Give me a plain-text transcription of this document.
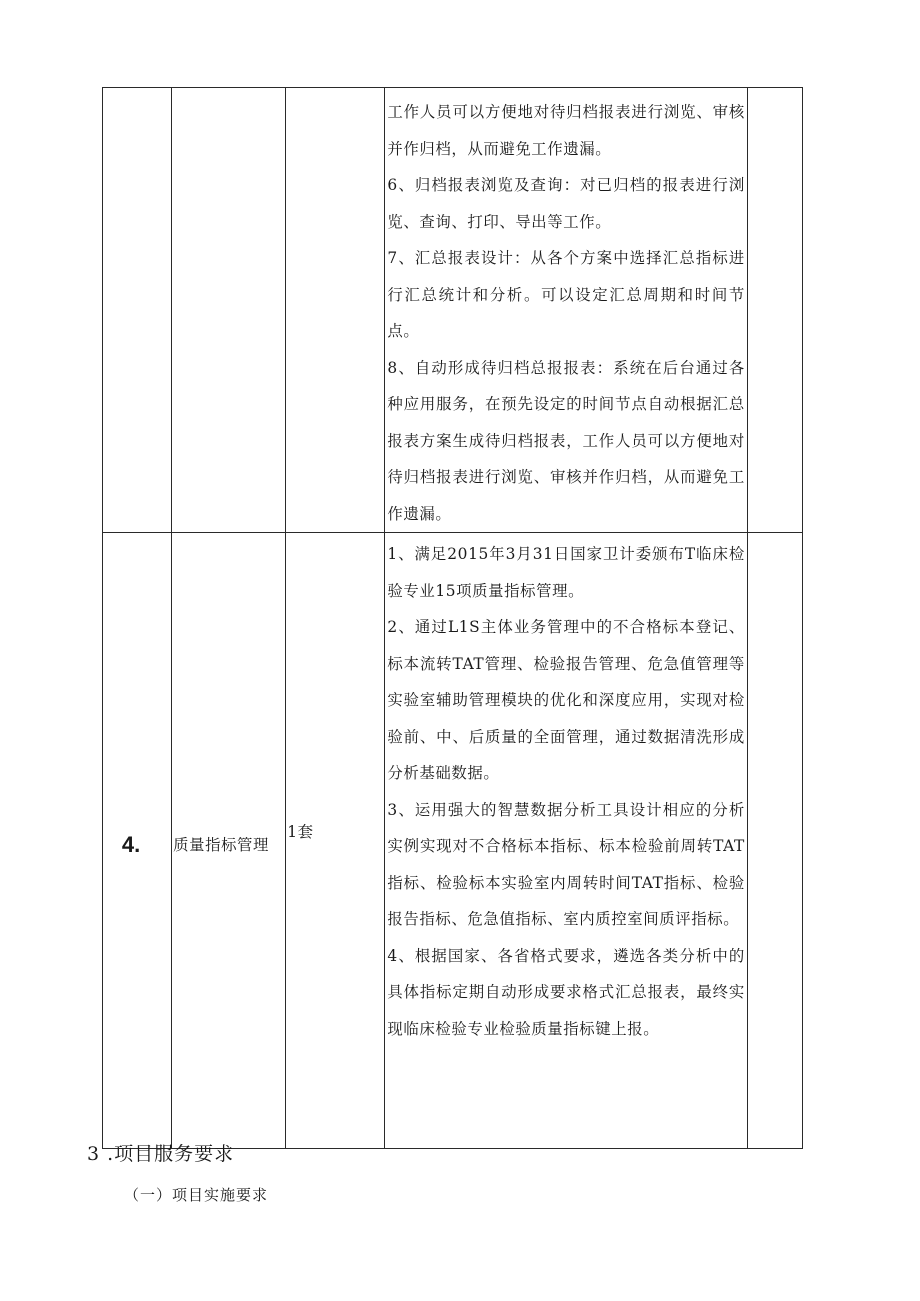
			工作人员可以方便地对待归档报表进行浏览、审核并作归档，从而避免工作遗漏。
6、归档报表浏览及查询：对已归档的报表进行浏览、查询、打印、导出等工作。
7、汇总报表设计：从各个方案中选择汇总指标进行汇总统计和分析。可以设定汇总周期和时间节点。
8、自动形成待归档总报报表：系统在后台通过各种应用服务，在预先设定的时间节点自动根据汇总报表方案生成待归档报表，工作人员可以方便地对待归档报表进行浏览、审核并作归档，从而避免工作遗漏。	

4.	质量指标管理	1套	1、满足2015年3月31日国家卫计委颁布T临床检验专业15项质量指标管理。
2、通过L1S主体业务管理中的不合格标本登记、标本流转TAT管理、检验报告管理、危急值管理等实验室辅助管理模块的优化和深度应用，实现对检验前、中、后质量的全面管理，通过数据清洗形成分析基础数据。
3、运用强大的智慧数据分析工具设计相应的分析实例实现对不合格标本指标、标本检验前周转TAT指标、检验标本实验室内周转时间TAT指标、检验报告指标、危急值指标、室内质控室间质评指标。
4、根据国家、各省格式要求，遴选各类分析中的具体指标定期自动形成要求格式汇总报表，最终实现临床检验专业检验质量指标键上报。	

3 .项目服务要求
（一）项目实施要求
